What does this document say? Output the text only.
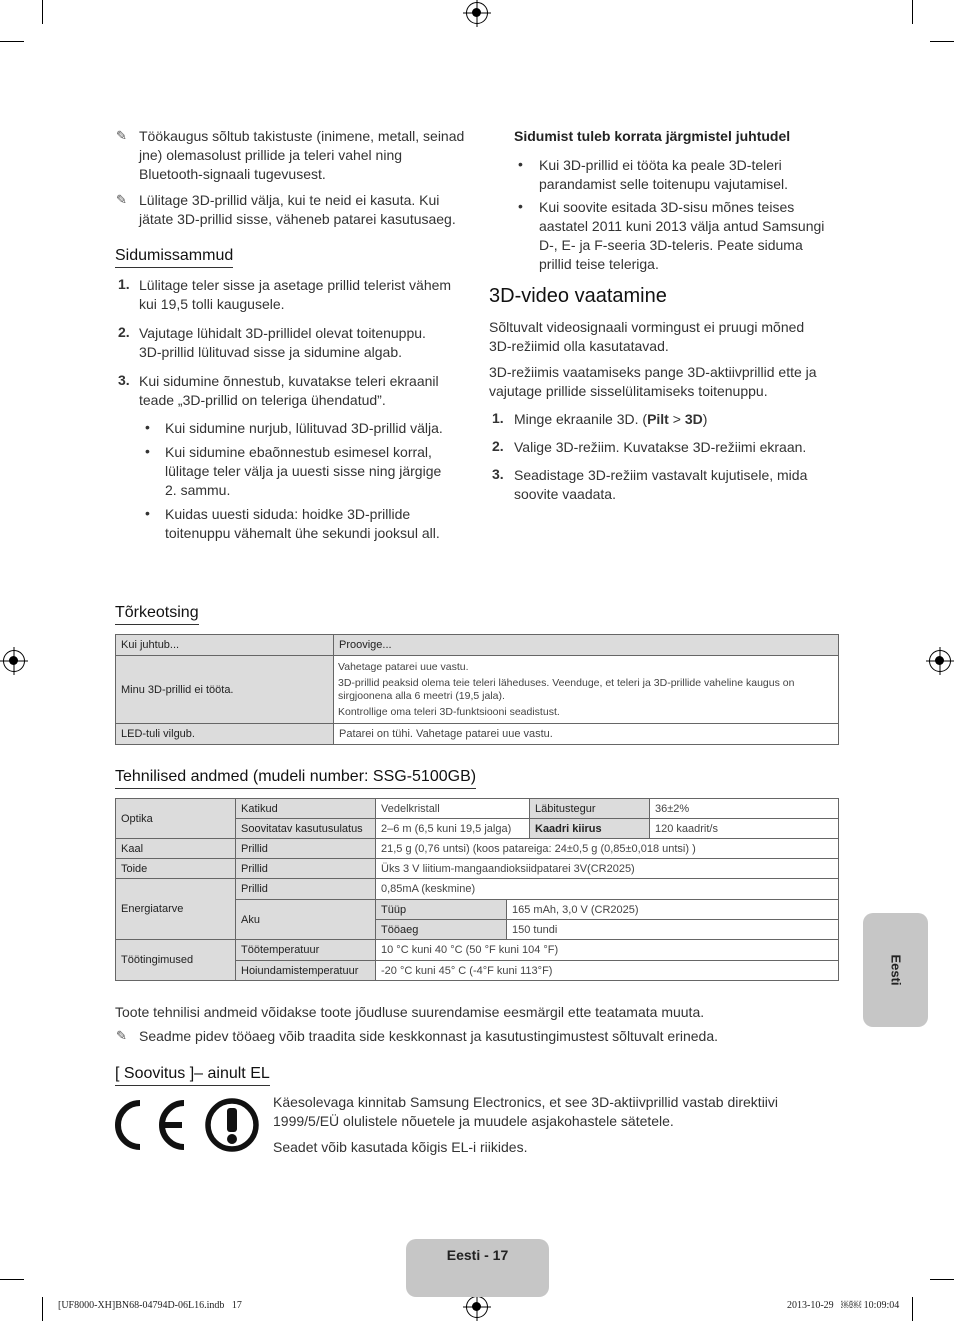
✎ Töökaugus sõltub takistuste (inimene, metall, seinad jne) olemasolust prillide ja teleri vahel ning Bluetooth-signaali tugevusest.
✎ Lülitage 3D-prillid välja, kui te neid ei kasuta. Kui jätate 3D-prillid sisse, väheneb patarei kasutusaeg.
Sidumissammud
1. Lülitage teler sisse ja asetage prillid telerist vähem kui 19,5 tolli kaugusele.
2. Vajutage lühidalt 3D-prillidel olevat toitenuppu. 3D-prillid lülituvad sisse ja sidumine algab.
3. Kui sidumine õnnestub, kuvatakse teleri ekraanil teade „3D-prillid on teleriga ühendatud”.
• Kui sidumine nurjub, lülituvad 3D-prillid välja.
• Kui sidumine ebaõnnestub esimesel korral, lülitage teler välja ja uuesti sisse ning järgige 2. sammu.
• Kuidas uuesti siduda: hoidke 3D-prillide toitenuppu vähemalt ühe sekundi jooksul all.
Sidumist tuleb korrata järgmistel juhtudel
• Kui 3D-prillid ei tööta ka peale 3D-teleri parandamist selle toitenupu vajutamisel.
• Kui soovite esitada 3D-sisu mõnes teises aastatel 2011 kuni 2013 välja antud Samsungi D-, E- ja F-seeria 3D-teleris. Peate siduma prillid teise teleriga.
3D-video vaatamine
Sõltuvalt videosignaali vormingust ei pruugi mõned 3D-režiimid olla kasutatavad.
3D-režiimis vaatamiseks pange 3D-aktiivprillid ette ja vajutage prillide sisselülitamiseks toitenuppu.
1. Minge ekraanile 3D. (Pilt > 3D)
2. Valige 3D-režiim. Kuvatakse 3D-režiimi ekraan.
3. Seadistage 3D-režiim vastavalt kujutisele, mida soovite vaadata.
Tõrkeotsing
Kui juhtub...	Proovige...
Minu 3D-prillid ei tööta.	Vahetage patarei uue vastu.
3D-prillid peaksid olema teie teleri läheduses. Veenduge, et teleri ja 3D-prillide vaheline kaugus on sirgjoonena alla 6 meetri (19,5 jala).
Kontrollige oma teleri 3D-funktsiooni seadistust.

LED-tuli vilgub.	Patarei on tühi. Vahetage patarei uue vastu.
Tehnilised andmed (mudeli number: SSG-5100GB)
Optika	Katikud	Vedelkristall		Läbitustegur	36±2%
	Soovitatav kasutusulatus	2–6 m (6,5 kuni 19,5 jalga)		Kaadri kiirus	120 kaadrit/s
Kaal	Prillid	21,5 g (0,76 untsi) (koos patareiga: 24±0,5 g (0,85±0,018 untsi) )			
Toide	Prillid	Üks 3 V liitium-mangaandioksiidpatarei 3V(CR2025)			
Energiatarve	Prillid	0,85mA (keskmine)			
	Aku	Tüüp	165 mAh, 3,0 V (CR2025)		
		Tööaeg	150 tundi		
Töötingimused	Töötemperatuur	10 °C kuni 40 °C (50 °F kuni 104 °F)			
	Hoiundamistemperatuur	-20 °C kuni 45° C (-4°F kuni 113°F)			
Toote tehnilisi andmeid võidakse toote jõudluse suurendamise eesmärgil ette teatamata muuta.
✎ Seadme pidev tööaeg võib traadita side keskkonnast ja kasutustingimustest sõltuvalt erineda.
[ Soovitus ]– ainult EL
Käesolevaga kinnitab Samsung Electronics, et see 3D-aktiivprillid vastab direktiivi 1999/5/EÜ olulistele nõuetele ja muudele asjakohastele sätetele.
Seadet võib kasutada kõigis EL-i riikides.
Eesti
Eesti - 17
[UF8000-XH]BN68-04794D-06L16.indb   17	2013-10-29   ￼￼ 10:09:04
